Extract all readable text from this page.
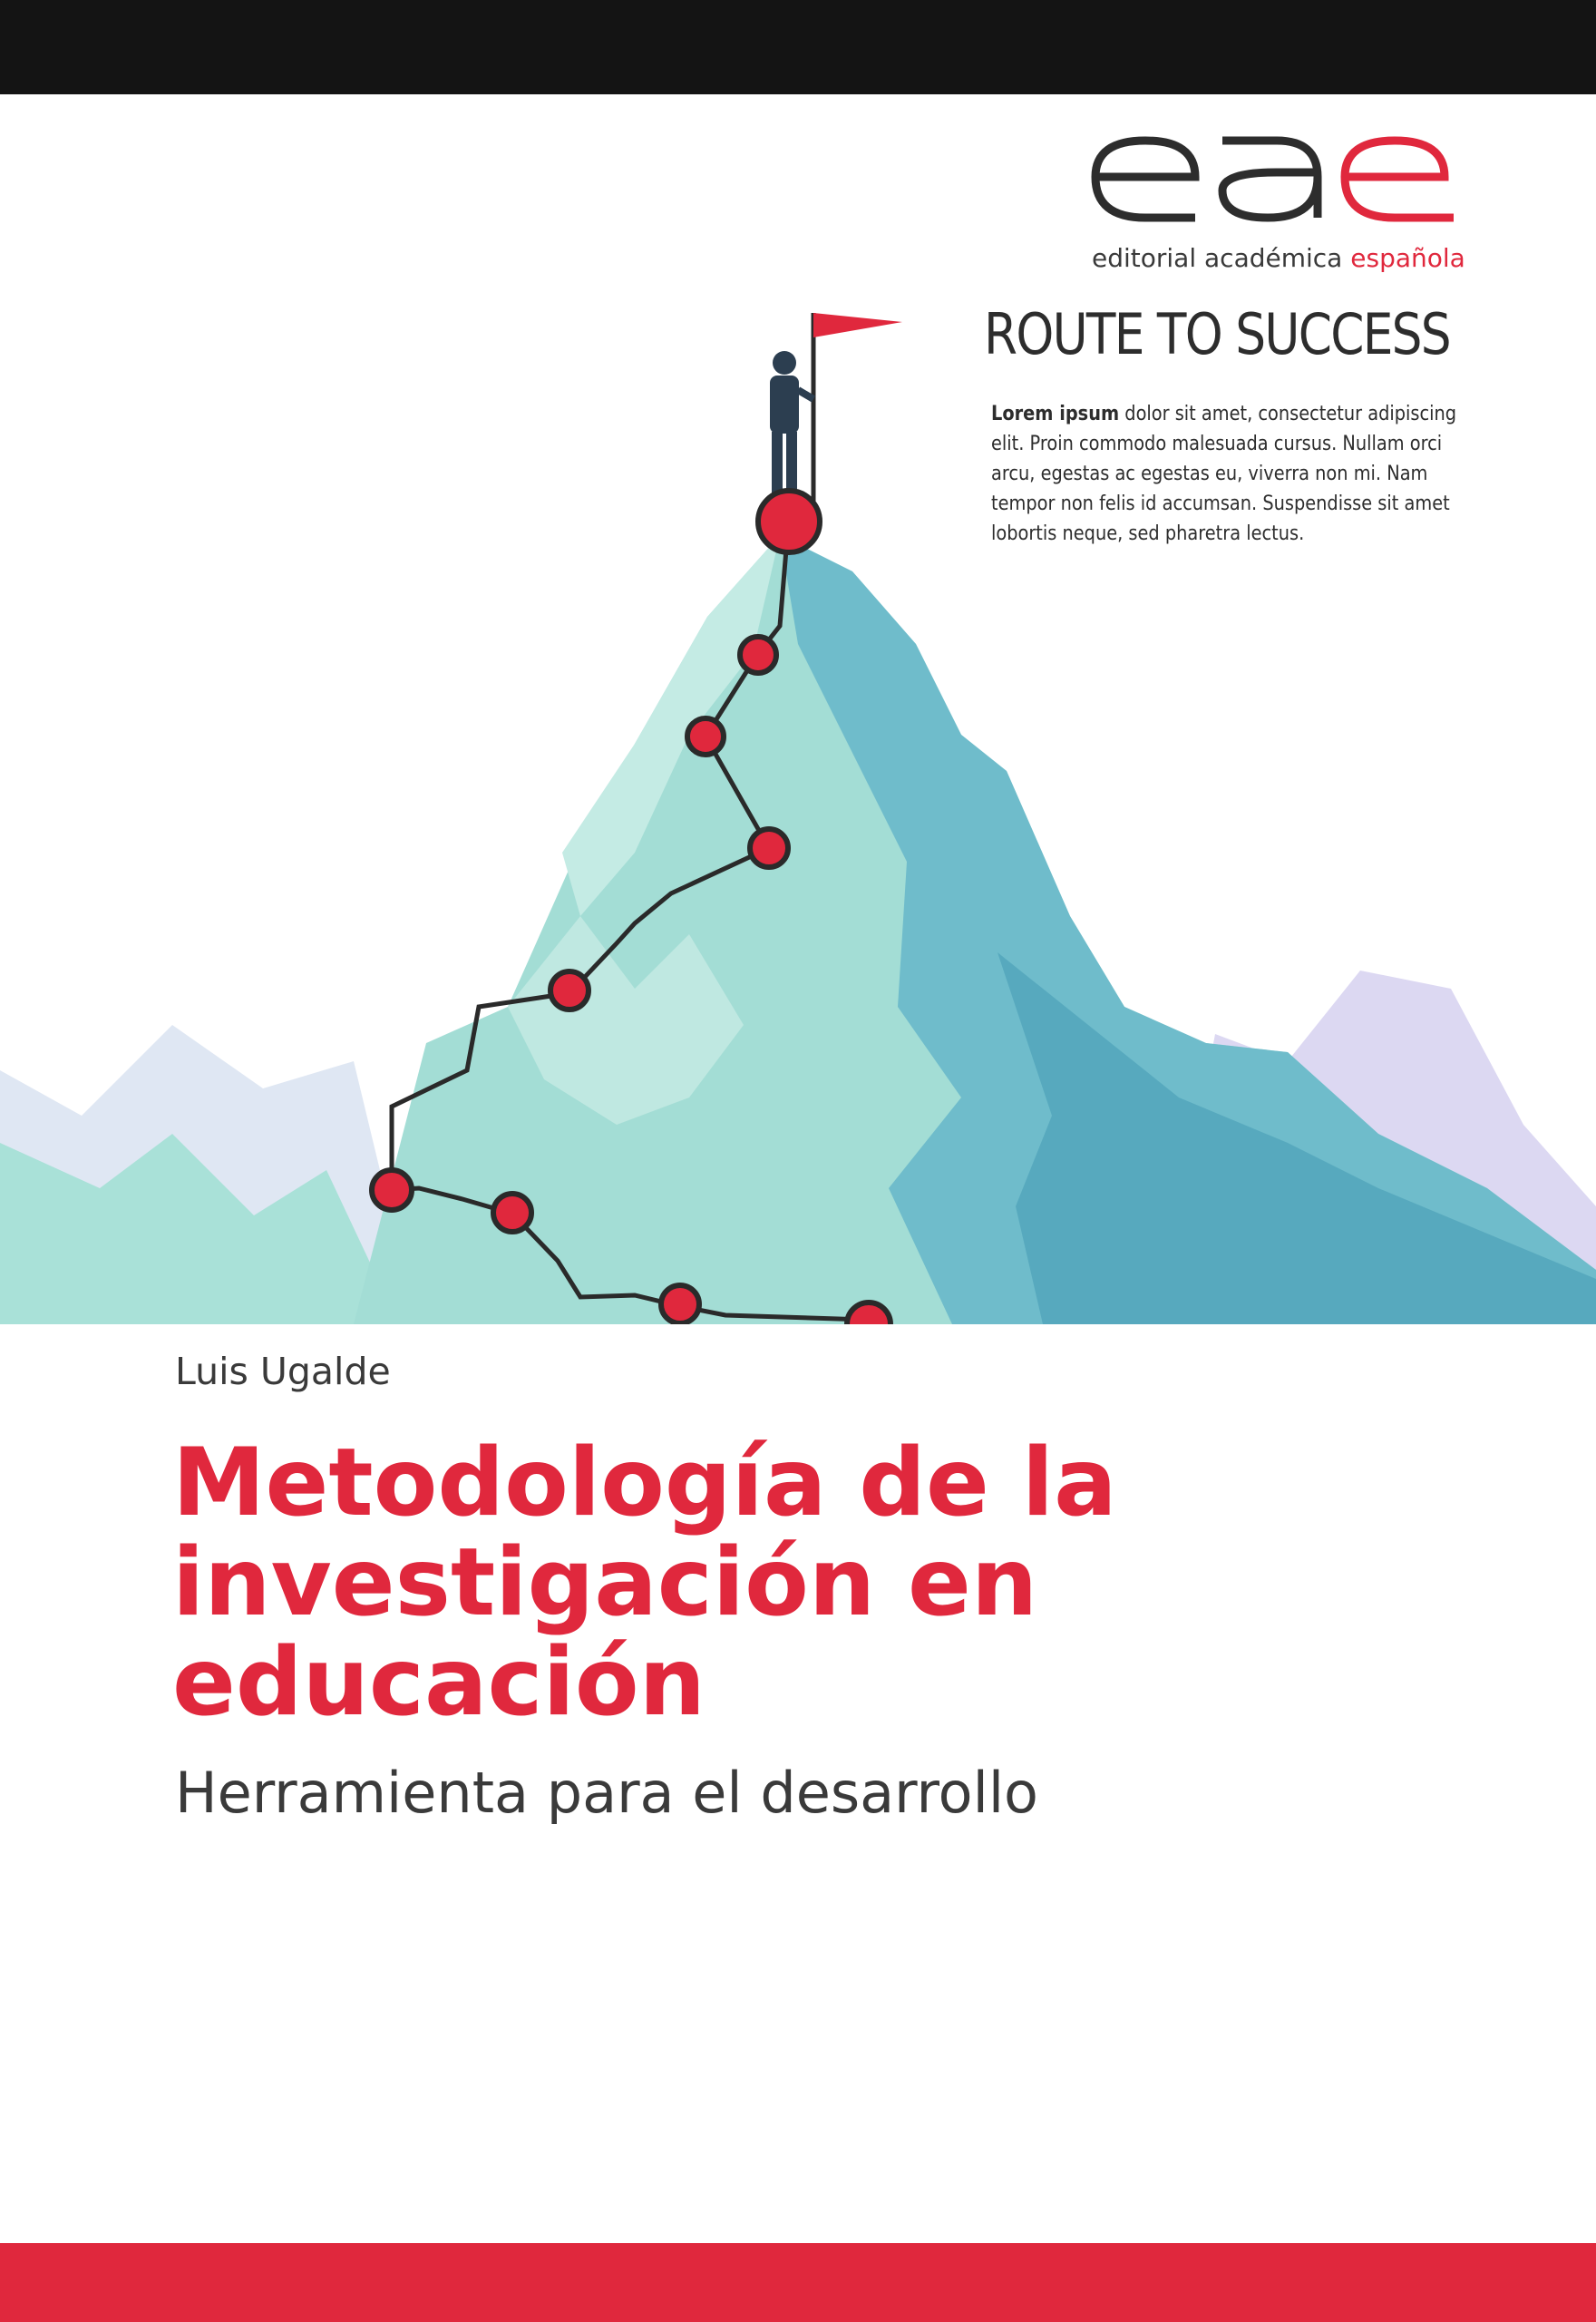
editorial académica española
ROUTE TO SUCCESS

Lorem ipsum dolor sit amet, consectetur adipiscing elit. Proin commodo malesuada cursus. Nullam orci arcu, egestas ac egestas eu, viverra non mi. Nam tempor non felis id accumsan. Suspendisse sit amet lobortis neque, sed pharetra lectus.

Luis Ugalde

Metodología de la
investigación en
educación

Herramienta para el desarrollo
